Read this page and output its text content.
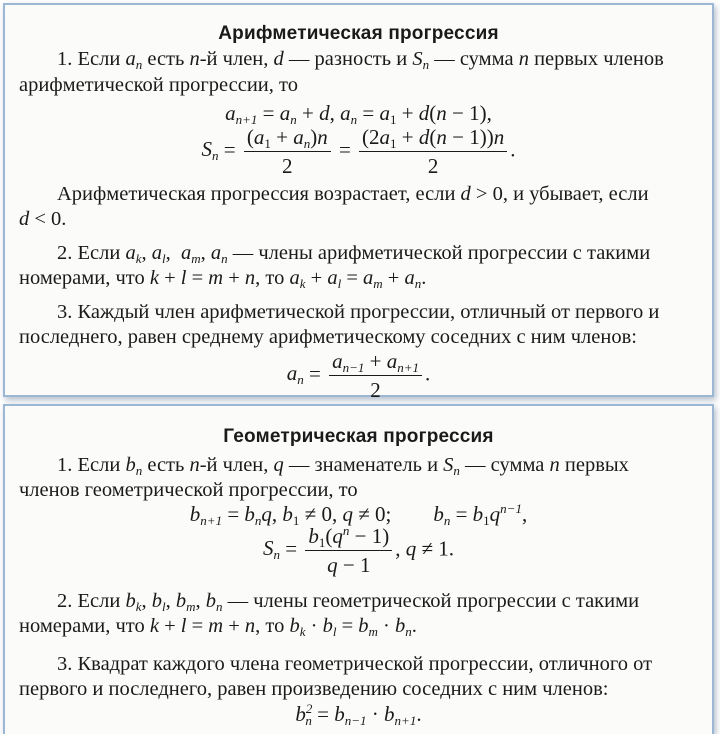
Арифметическая прогрессия
1. Если $a_n$ есть n-й член, d — разность и $S_n$ — сумма n первых членов
арифметической прогрессии, то
$a_{n+1} = a_n + d$, $a_n = a_1 + d(n - 1)$,
$S_n = \frac{(a_1 + a_n)n}{2} = \frac{(2a_1 + d(n - 1))n}{2}$ .
Арифметическая прогрессия возрастает, если d > 0, и убывает, если
d < 0.
2. Если $a_k$, $a_l$,  $a_m$, $a_n$ — члены арифметической прогрессии с такими
номерами, что k + l = m + n, то $a_k + a_l = a_m + a_n$.
3. Каждый член арифметической прогрессии, отличный от первого и
последнего, равен среднему арифметическому соседних с ним членов:
$a_n = \frac{a_{n-1} + a_{n+1}}{2}$ .
Геометрическая прогрессия
1. Если $b_n$ есть n-й член, q — знаменатель и $S_n$ — сумма n первых
членов геометрической прогрессии, то
$b_{n+1} = b_nq$, $b_1 \ne 0$, q ≠ 0;        $b_n = b_1q^{n-1}$,
$S_n = \frac{b_1(q^n - 1)}{q - 1}$ , q ≠ 1.
2. Если $b_k$, $b_l$, $b_m$, $b_n$ — члены геометрической прогрессии с такими
номерами, что k + l = m + n, то $b_k \cdot b_l = b_m \cdot b_n$.
3. Квадрат каждого члена геометрической прогрессии, отличного от
первого и последнего, равен произведению соседних с ним членов:
$b^2_n = b_{n-1} \cdot b_{n+1}$.
